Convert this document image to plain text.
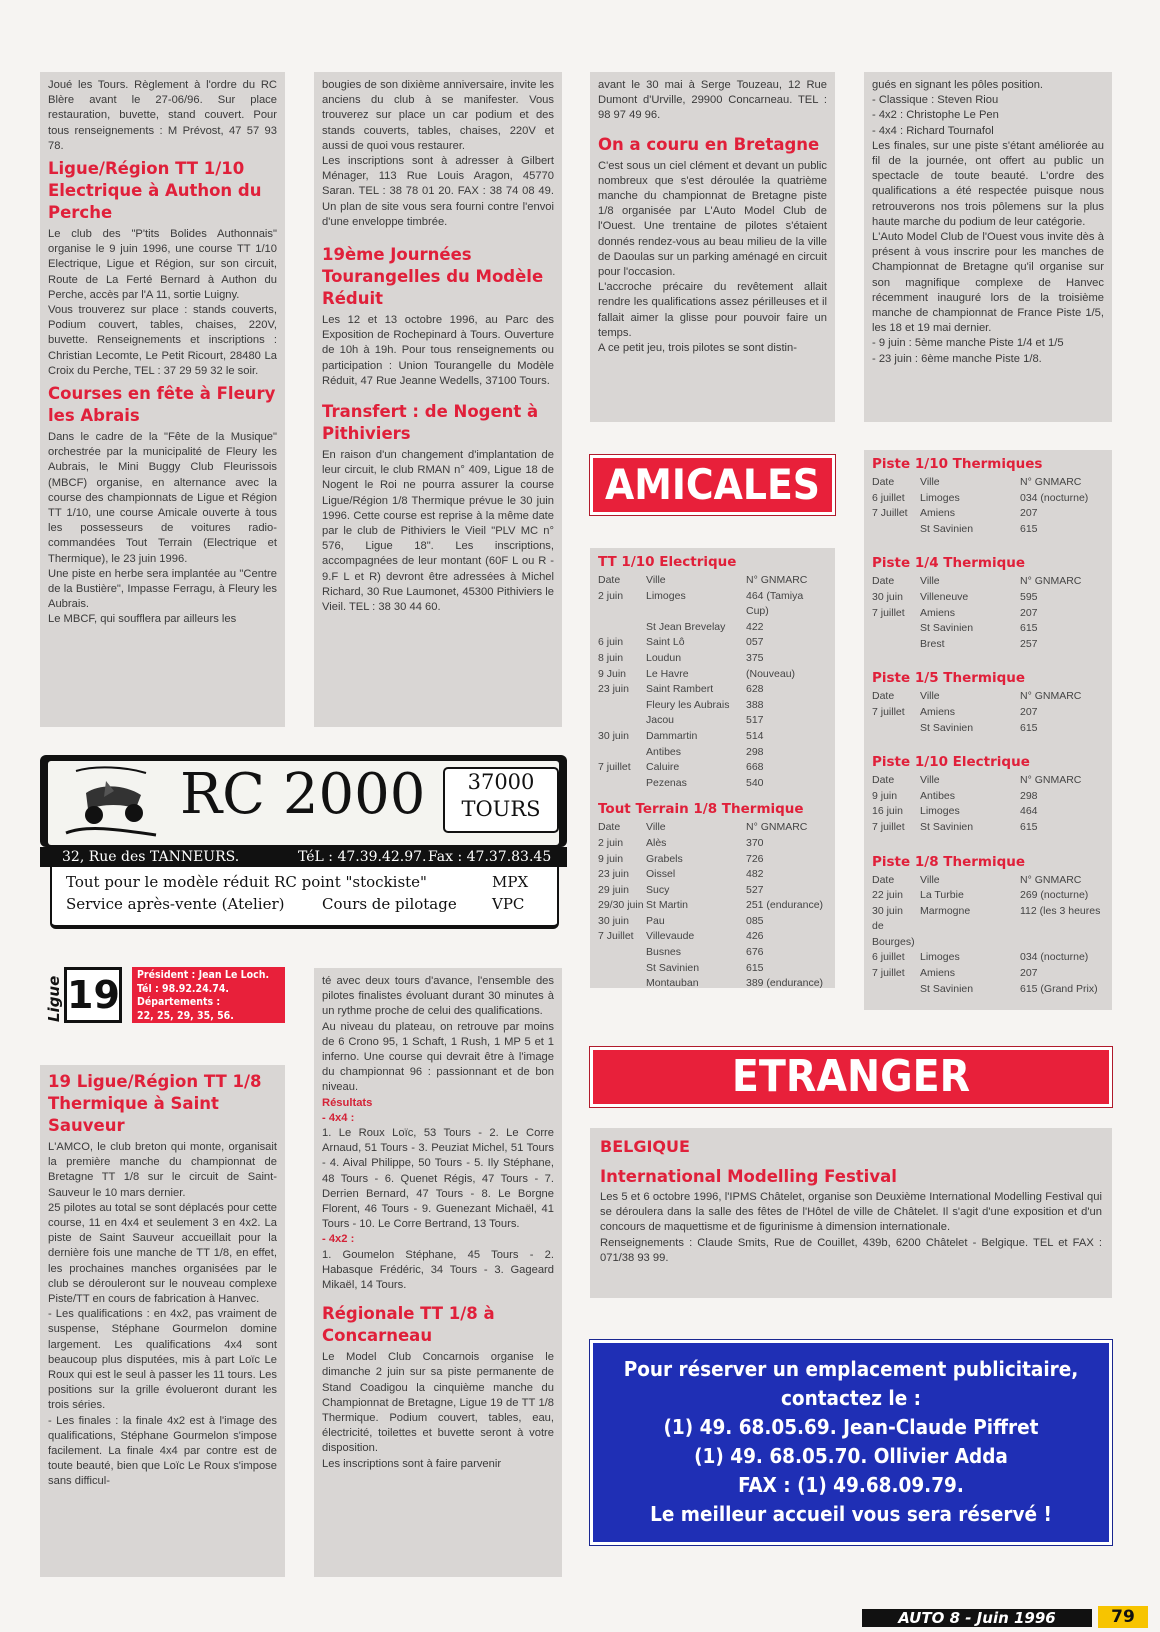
Joué les Tours. Règlement à l'ordre du RC Blère avant le 27-06/96. Sur place restauration, buvette, stand couvert. Pour tous renseignements : M Prévost, 47 57 93 78.

Ligue/Région TT 1/10 Electrique à Authon du Perche

Le club des "P'tits Bolides Authonnais" organise le 9 juin 1996, une course TT 1/10 Electrique, Ligue et Région, sur son circuit, Route de La Ferté Bernard à Authon du Perche, accès par l'A 11, sortie Luigny.

Vous trouverez sur place : stands couverts, Podium couvert, tables, chaises, 220V, buvette. Renseignements et inscriptions : Christian Lecomte, Le Petit Ricourt, 28480 La Croix du Perche, TEL : 37 29 59 32 le soir.

Courses en fête à Fleury les Abrais

Dans le cadre de la "Fête de la Musique" orchestrée par la municipalité de Fleury les Aubrais, le Mini Buggy Club Fleurissois (MBCF) organise, en alternance avec la course des championnats de Ligue et Région TT 1/10, une course Amicale ouverte à tous les possesseurs de voitures radio-commandées Tout Terrain (Electrique et Thermique), le 23 juin 1996.

Une piste en herbe sera implantée au "Centre de la Bustière", Impasse Ferragu, à Fleury les Aubrais.

Le MBCF, qui soufflera par ailleurs les

bougies de son dixième anniversaire, invite les anciens du club à se manifester. Vous trouverez sur place un car podium et des stands couverts, tables, chaises, 220V et aussi de quoi vous restaurer.

Les inscriptions sont à adresser à Gilbert Ménager, 113 Rue Louis Aragon, 45770 Saran. TEL : 38 78 01 20. FAX : 38 74 08 49. Un plan de site vous sera fourni contre l'envoi d'une enveloppe timbrée.

19ème Journées Tourangelles du Modèle Réduit

Les 12 et 13 octobre 1996, au Parc des Exposition de Rochepinard à Tours. Ouverture de 10h à 19h. Pour tous renseignements ou participation : Union Tourangelle du Modèle Réduit, 47 Rue Jeanne Wedells, 37100 Tours.

Transfert : de Nogent à Pithiviers

En raison d'un changement d'implantation de leur circuit, le club RMAN n° 409, Ligue 18 de Nogent le Roi ne pourra assurer la course Ligue/Région 1/8 Thermique prévue le 30 juin 1996. Cette course est reprise à la même date par le club de Pithiviers le Vieil "PLV MC n° 576, Ligue 18". Les inscriptions, accompagnées de leur montant (60F L ou R - 9.F L et R) devront être adressées à Michel Richard, 30 Rue Laumonet, 45300 Pithiviers le Vieil. TEL : 38 30 44 60.

avant le 30 mai à Serge Touzeau, 12 Rue Dumont d'Urville, 29900 Concarneau. TEL : 98 97 49 96.

On a couru en Bretagne

C'est sous un ciel clément et devant un public nombreux que s'est déroulée la quatrième manche du championnat de Bretagne piste 1/8 organisée par L'Auto Model Club de l'Ouest. Une trentaine de pilotes s'étaient donnés rendez-vous au beau milieu de la ville de Daoulas sur un parking aménagé en circuit pour l'occasion.

L'accroche précaire du revêtement allait rendre les qualifications assez périlleuses et il fallait aimer la glisse pour pouvoir faire un temps.

A ce petit jeu, trois pilotes se sont distin-

gués en signant les pôles position.

- Classique : Steven Riou

- 4x2 : Christophe Le Pen

- 4x4 : Richard Tournafol

Les finales, sur une piste s'étant améliorée au fil de la journée, ont offert au public un spectacle de toute beauté. L'ordre des qualifications a été respectée puisque nous retrouverons nos trois pôlemens sur la plus haute marche du podium de leur catégorie.

L'Auto Model Club de l'Ouest vous invite dès à présent à vous inscrire pour les manches de Championnat de Bretagne qu'il organise sur son magnifique complexe de Hanvec récemment inauguré lors de la troisième manche de championnat de France Piste 1/5, les 18 et 19 mai dernier.

- 9 juin : 5ème manche Piste 1/4 et 1/5

- 23 juin : 6ème manche Piste 1/8.

AMICALES
TT 1/10 Electrique
Date	Ville	N° GNMARC
2 juin	Limoges	464 (Tamiya Cup)
St Jean Brevelay	422
6 juin	Saint Lô	057
8 juin	Loudun	375
9 Juin	Le Havre	(Nouveau)
23 juin	Saint Rambert	628
Fleury les Aubrais	388
Jacou	517
30 juin	Dammartin	514
Antibes	298
7 juillet	Caluire	668
Pezenas	540
Tout Terrain 1/8 Thermique
Date	Ville	N° GNMARC
2 juin	Alès	370
9 juin	Grabels	726
23 juin	Oissel	482
29 juin	Sucy	527
29/30 juin St Martin	251 (endurance)
30 juin	Pau	085
7 Juillet	Villevaude	426
Busnes	676
St Savinien	615
Montauban	389 (endurance)
Piste 1/10 Thermiques
Date	Ville	N° GNMARC
6 juillet	Limoges	034 (nocturne)
7 Juillet	Amiens	207
St Savinien	615
Piste 1/4 Thermique
Date	Ville	N° GNMARC
30 juin	Villeneuve	595
7 juillet	Amiens	207
St Savinien	615
Brest	257
Piste 1/5 Thermique
Date	Ville	N° GNMARC
7 juillet	Amiens	207
St Savinien	615
Piste 1/10 Electrique
Date	Ville	N° GNMARC
9 juin	Antibes	298
16 juin	Limoges	464
7 juillet	St Savinien	615
Piste 1/8 Thermique
Date	Ville	N° GNMARC
22 juin	La Turbie	269 (nocturne)
30 juin	Marmogne	112 (les 3 heures
de Bourges)
6 juillet	Limoges	034 (nocturne)
7 juillet	Amiens	207
St Savinien	615 (Grand Prix)
RC 2000	37000
TOURS
32, Rue des TANNEURS.	TéL : 47.39.42.97. Fax : 47.37.83.45
Tout pour le modèle réduit RC point "stockiste"	MPX
Service après-vente (Atelier) Cours de pilotage VPC
Ligue 19 Président : Jean Le Loch.
Tél : 98.92.24.74.
Départements :
22, 25, 29, 35, 56.
19 Ligue/Région TT 1/8 Thermique à Saint Sauveur

L'AMCO, le club breton qui monte, organisait la première manche du championnat de Bretagne TT 1/8 sur le circuit de Saint-Sauveur le 10 mars dernier.

25 pilotes au total se sont déplacés pour cette course, 11 en 4x4 et seulement 3 en 4x2. La piste de Saint Sauveur accueillait pour la dernière fois une manche de TT 1/8, en effet, les prochaines manches organisées par le club se dérouleront sur le nouveau complexe Piste/TT en cours de fabrication à Hanvec.

- Les qualifications : en 4x2, pas vraiment de suspense, Stéphane Gourmelon domine largement. Les qualifications 4x4 sont beaucoup plus disputées, mis à part Loïc Le Roux qui est le seul à passer les 11 tours. Les positions sur la grille évolueront durant les trois séries.

- Les finales : la finale 4x2 est à l'image des qualifications, Stéphane Gourmelon s'impose facilement. La finale 4x4 par contre est de toute beauté, bien que Loïc Le Roux s'impose sans difficul-

té avec deux tours d'avance, l'ensemble des pilotes finalistes évoluant durant 30 minutes à un rythme proche de celui des qualifications.

Au niveau du plateau, on retrouve par moins de 6 Crono 95, 1 Schaft, 1 Rush, 1 MP 5 et 1 inferno. Une course qui devrait être à l'image du championnat 96 : passionnant et de bon niveau.

Résultats

- 4x4 :

1. Le Roux Loïc, 53 Tours - 2. Le Corre Arnaud, 51 Tours - 3. Peuziat Michel, 51 Tours - 4. Aival Philippe, 50 Tours - 5. Ily Stéphane, 48 Tours - 6. Quenet Régis, 47 Tours - 7. Derrien Bernard, 47 Tours - 8. Le Borgne Florent, 46 Tours - 9. Guenezant Michaël, 41 Tours - 10. Le Corre Bertrand, 13 Tours.

- 4x2 :

1. Goumelon Stéphane, 45 Tours - 2. Habasque Frédéric, 34 Tours - 3. Gageard Mikaël, 14 Tours.

Régionale TT 1/8 à Concarneau

Le Model Club Concarnois organise le dimanche 2 juin sur sa piste permanente de Stand Coadigou la cinquième manche du Championnat de Bretagne, Ligue 19 de TT 1/8 Thermique. Podium couvert, tables, eau, électricité, toilettes et buvette seront à votre disposition.

Les inscriptions sont à faire parvenir

ETRANGER
BELGIQUE
International Modelling Festival

Les 5 et 6 octobre 1996, l'IPMS Châtelet, organise son Deuxième International Modelling Festival qui se déroulera dans la salle des fêtes de l'Hôtel de ville de Châtelet. Il s'agit d'une exposition et d'un concours de maquettisme et de figurinisme à dimension internationale.

Renseignements : Claude Smits, Rue de Couillet, 439b, 6200 Châtelet - Belgique. TEL et FAX : 071/38 93 99.

Pour réserver un emplacement publicitaire,
contactez le :
(1) 49. 68.05.69. Jean-Claude Piffret
(1) 49. 68.05.70. Ollivier Adda
FAX : (1) 49.68.09.79.
Le meilleur accueil vous sera réservé !
AUTO 8 - Juin 1996	79
